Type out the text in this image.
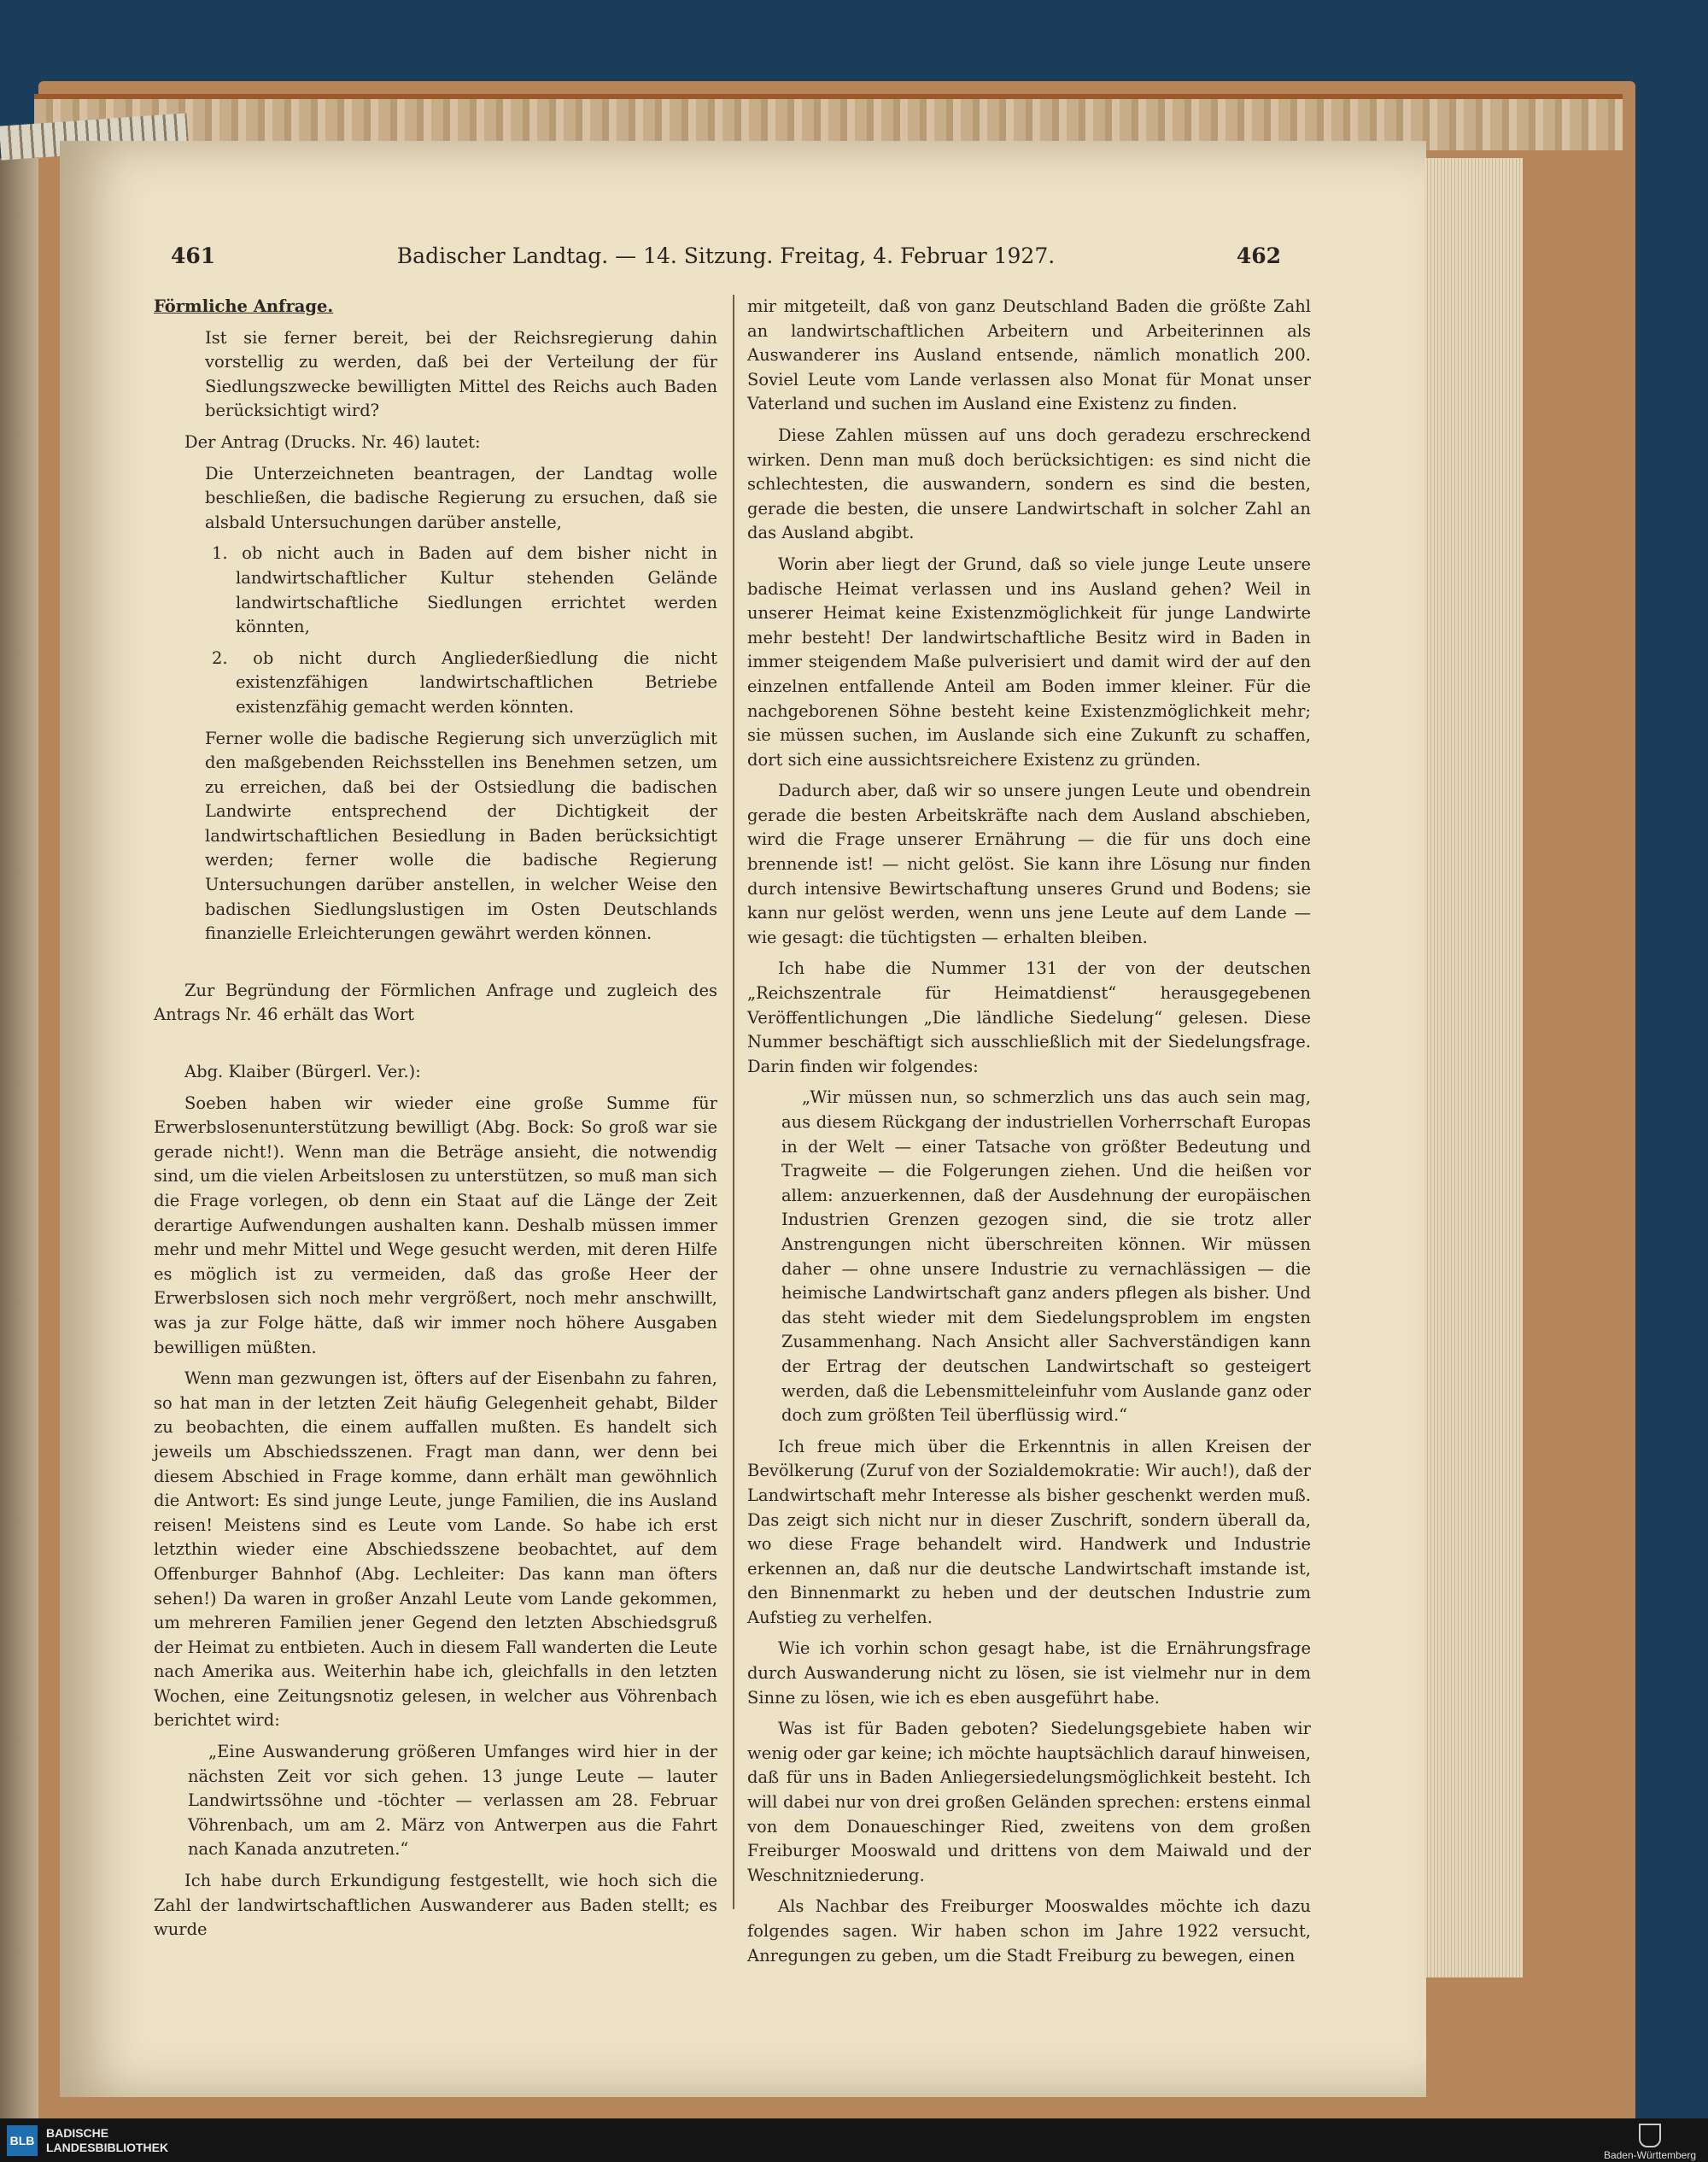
461	Badischer Landtag. — 14. Sitzung. Freitag, 4. Februar 1927.	462

Förmliche Anfrage.

Ist sie ferner bereit, bei der Reichsregierung dahin vorstellig zu werden, daß bei der Verteilung der für Siedlungszwecke bewilligten Mittel des Reichs auch Baden berücksichtigt wird?

Der Antrag (Drucks. Nr. 46) lautet:

Die Unterzeichneten beantragen, der Landtag wolle beschließen, die badische Regierung zu ersuchen, daß sie alsbald Untersuchungen darüber anstelle,

1. ob nicht auch in Baden auf dem bisher nicht in landwirtschaftlicher Kultur stehenden Gelände landwirtschaftliche Siedlungen errichtet werden könnten,

2. ob nicht durch Angliederßiedlung die nicht existenzfähigen landwirtschaftlichen Betriebe existenzfähig gemacht werden könnten.

Ferner wolle die badische Regierung sich unverzüglich mit den maßgebenden Reichsstellen ins Benehmen setzen, um zu erreichen, daß bei der Ostsiedlung die badischen Landwirte entsprechend der Dichtigkeit der landwirtschaftlichen Besiedlung in Baden berücksichtigt werden; ferner wolle die badische Regierung Untersuchungen darüber anstellen, in welcher Weise den badischen Siedlungslustigen im Osten Deutschlands finanzielle Erleichterungen gewährt werden können.

Zur Begründung der Förmlichen Anfrage und zugleich des Antrags Nr. 46 erhält das Wort

Abg. Klaiber (Bürgerl. Ver.):

Soeben haben wir wieder eine große Summe für Erwerbslosenunterstützung bewilligt (Abg. Bock: So groß war sie gerade nicht!). Wenn man die Beträge ansieht, die notwendig sind, um die vielen Arbeitslosen zu unterstützen, so muß man sich die Frage vorlegen, ob denn ein Staat auf die Länge der Zeit derartige Aufwendungen aushalten kann. Deshalb müssen immer mehr und mehr Mittel und Wege gesucht werden, mit deren Hilfe es möglich ist zu vermeiden, daß das große Heer der Erwerbslosen sich noch mehr vergrößert, noch mehr anschwillt, was ja zur Folge hätte, daß wir immer noch höhere Ausgaben bewilligen müßten.

Wenn man gezwungen ist, öfters auf der Eisenbahn zu fahren, so hat man in der letzten Zeit häufig Gelegenheit gehabt, Bilder zu beobachten, die einem auffallen mußten. Es handelt sich jeweils um Abschiedsszenen. Fragt man dann, wer denn bei diesem Abschied in Frage komme, dann erhält man gewöhnlich die Antwort: Es sind junge Leute, junge Familien, die ins Ausland reisen! Meistens sind es Leute vom Lande. So habe ich erst letzthin wieder eine Abschiedsszene beobachtet, auf dem Offenburger Bahnhof (Abg. Lechleiter: Das kann man öfters sehen!) Da waren in großer Anzahl Leute vom Lande gekommen, um mehreren Familien jener Gegend den letzten Abschiedsgruß der Heimat zu entbieten. Auch in diesem Fall wanderten die Leute nach Amerika aus. Weiterhin habe ich, gleichfalls in den letzten Wochen, eine Zeitungsnotiz gelesen, in welcher aus Vöhrenbach berichtet wird:

„Eine Auswanderung größeren Umfanges wird hier in der nächsten Zeit vor sich gehen. 13 junge Leute — lauter Landwirtssöhne und -töchter — verlassen am 28. Februar Vöhrenbach, um am 2. März von Antwerpen aus die Fahrt nach Kanada anzutreten.“

Ich habe durch Erkundigung festgestellt, wie hoch sich die Zahl der landwirtschaftlichen Auswanderer aus Baden stellt; es wurde

mir mitgeteilt, daß von ganz Deutschland Baden die größte Zahl an landwirtschaftlichen Arbeitern und Arbeiterinnen als Auswanderer ins Ausland entsende, nämlich monatlich 200. Soviel Leute vom Lande verlassen also Monat für Monat unser Vaterland und suchen im Ausland eine Existenz zu finden.

Diese Zahlen müssen auf uns doch geradezu erschreckend wirken. Denn man muß doch berücksichtigen: es sind nicht die schlechtesten, die auswandern, sondern es sind die besten, gerade die besten, die unsere Landwirtschaft in solcher Zahl an das Ausland abgibt.

Worin aber liegt der Grund, daß so viele junge Leute unsere badische Heimat verlassen und ins Ausland gehen? Weil in unserer Heimat keine Existenzmöglichkeit für junge Landwirte mehr besteht! Der landwirtschaftliche Besitz wird in Baden in immer steigendem Maße pulverisiert und damit wird der auf den einzelnen entfallende Anteil am Boden immer kleiner. Für die nachgeborenen Söhne besteht keine Existenzmöglichkeit mehr; sie müssen suchen, im Auslande sich eine Zukunft zu schaffen, dort sich eine aussichtsreichere Existenz zu gründen.

Dadurch aber, daß wir so unsere jungen Leute und obendrein gerade die besten Arbeitskräfte nach dem Ausland abschieben, wird die Frage unserer Ernährung — die für uns doch eine brennende ist! — nicht gelöst. Sie kann ihre Lösung nur finden durch intensive Bewirtschaftung unseres Grund und Bodens; sie kann nur gelöst werden, wenn uns jene Leute auf dem Lande — wie gesagt: die tüchtigsten — erhalten bleiben.

Ich habe die Nummer 131 der von der deutschen „Reichszentrale für Heimatdienst“ herausgegebenen Veröffentlichungen „Die ländliche Siedelung“ gelesen. Diese Nummer beschäftigt sich ausschließlich mit der Siedelungsfrage. Darin finden wir folgendes:

„Wir müssen nun, so schmerzlich uns das auch sein mag, aus diesem Rückgang der industriellen Vorherrschaft Europas in der Welt — einer Tatsache von größter Bedeutung und Tragweite — die Folgerungen ziehen. Und die heißen vor allem: anzuerkennen, daß der Ausdehnung der europäischen Industrien Grenzen gezogen sind, die sie trotz aller Anstrengungen nicht überschreiten können. Wir müssen daher — ohne unsere Industrie zu vernachlässigen — die heimische Landwirtschaft ganz anders pflegen als bisher. Und das steht wieder mit dem Siedelungsproblem im engsten Zusammenhang. Nach Ansicht aller Sachverständigen kann der Ertrag der deutschen Landwirtschaft so gesteigert werden, daß die Lebensmitteleinfuhr vom Auslande ganz oder doch zum größten Teil überflüssig wird.“

Ich freue mich über die Erkenntnis in allen Kreisen der Bevölkerung (Zuruf von der Sozialdemokratie: Wir auch!), daß der Landwirtschaft mehr Interesse als bisher geschenkt werden muß. Das zeigt sich nicht nur in dieser Zuschrift, sondern überall da, wo diese Frage behandelt wird. Handwerk und Industrie erkennen an, daß nur die deutsche Landwirtschaft imstande ist, den Binnenmarkt zu heben und der deutschen Industrie zum Aufstieg zu verhelfen.

Wie ich vorhin schon gesagt habe, ist die Ernährungsfrage durch Auswanderung nicht zu lösen, sie ist vielmehr nur in dem Sinne zu lösen, wie ich es eben ausgeführt habe.

Was ist für Baden geboten? Siedelungsgebiete haben wir wenig oder gar keine; ich möchte hauptsächlich darauf hinweisen, daß für uns in Baden Anliegersiedelungsmöglichkeit besteht. Ich will dabei nur von drei großen Geländen sprechen: erstens einmal von dem Donaueschinger Ried, zweitens von dem großen Freiburger Mooswald und drittens von dem Maiwald und der Weschnitzniederung.

Als Nachbar des Freiburger Mooswaldes möchte ich dazu folgendes sagen. Wir haben schon im Jahre 1922 versucht, Anregungen zu geben, um die Stadt Freiburg zu bewegen, einen

BLB
BADISCHE
LANDESBIBLIOTHEK
Baden-Württemberg
